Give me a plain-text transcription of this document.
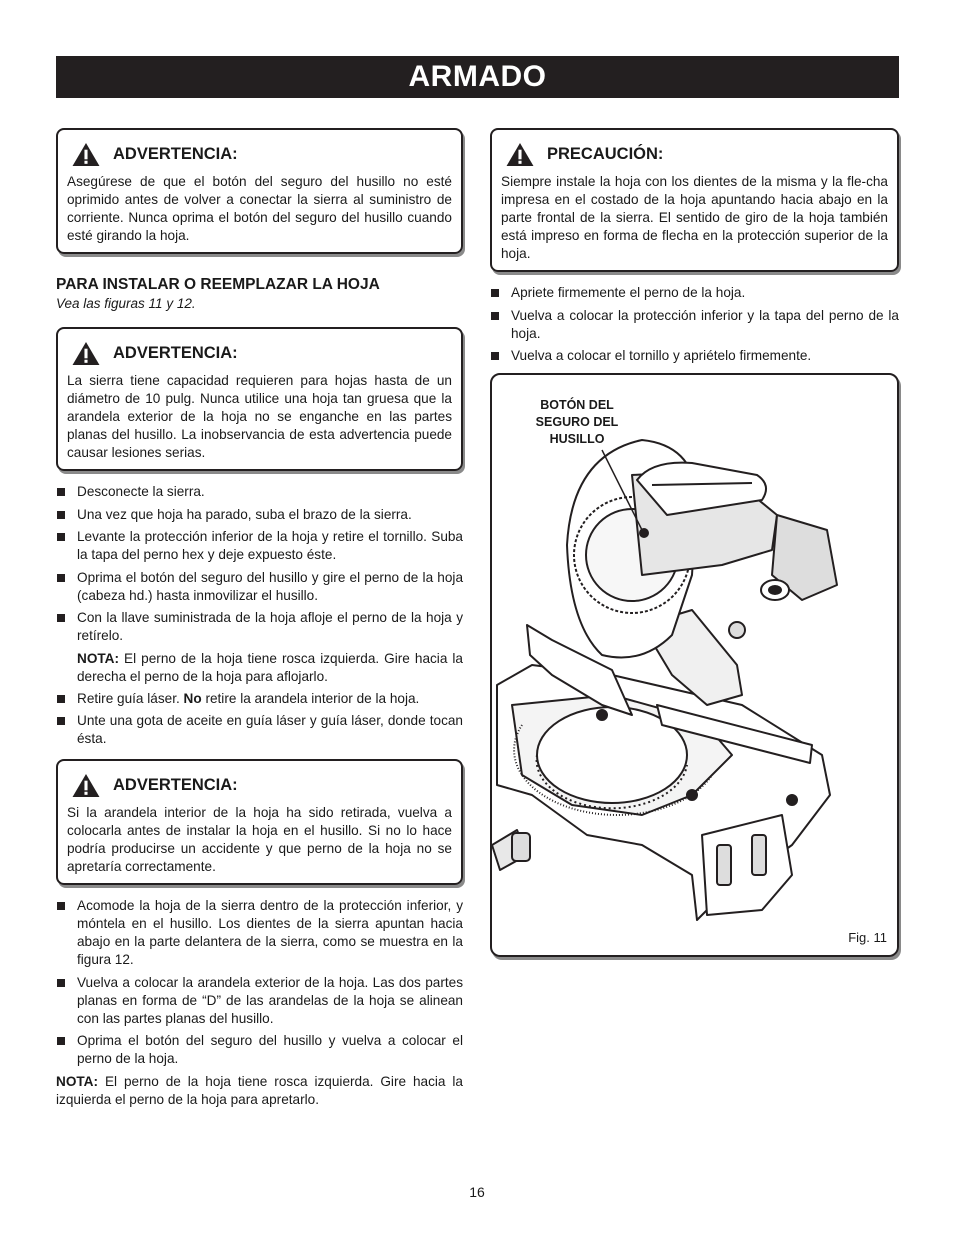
ARMADO
ADVERTENCIA:
Asegúrese de que el botón del seguro del husillo no esté oprimido antes de volver a conectar la sierra al suministro de corriente. Nunca oprima el botón del seguro del husillo cuando esté girando la hoja.
PARA INSTALAR O REEMPLAZAR LA HOJA
Vea las figuras 11 y 12.
ADVERTENCIA:
La sierra tiene capacidad requieren para hojas hasta de un diámetro de 10 pulg. Nunca utilice una hoja tan gruesa que la arandela exterior de la hoja no se enganche en las partes planas del husillo. La inobservancia de esta advertencia puede causar lesiones serias.
Desconecte la sierra.
Una vez que hoja ha parado, suba el brazo de la sierra.
Levante la protección inferior de la hoja y retire el tornillo. Suba la tapa del perno hex y deje expuesto éste.
Oprima el botón del seguro del husillo y gire el perno de la hoja (cabeza hd.) hasta inmovilizar el husillo.
Con la llave suministrada de la hoja afloje el perno de la hoja y retírelo.
NOTA: El perno de la hoja tiene rosca izquierda. Gire hacia la derecha el perno de la hoja para aflojarlo.
Retire guía láser. No retire la arandela interior de la hoja.
Unte una gota de aceite en guía láser y guía láser, donde tocan ésta.
ADVERTENCIA:
Si la arandela interior de la hoja ha sido retirada, vuelva a colocarla antes de instalar la hoja en el husillo. Si no lo hace podría producirse un accidente y que perno de la hoja no se apretaría correctamente.
Acomode la hoja de la sierra dentro de la protección inferior, y móntela en el husillo. Los dientes de la sierra apuntan hacia abajo en la parte delantera de la sierra, como se muestra en la figura 12.
Vuelva a colocar la arandela exterior de la hoja. Las dos partes planas en forma de “D” de las arandelas de la hoja se alinean con las partes planas del husillo.
Oprima el botón del seguro del husillo y vuelva a colocar el perno de la hoja.
NOTA: El perno de la hoja tiene rosca izquierda. Gire hacia la izquierda el perno de la hoja para apretarlo.
PRECAUCIÓN:
Siempre instale la hoja con los dientes de la misma y la fle-cha impresa en el costado de la hoja apuntando hacia abajo en la parte frontal de la sierra. El sentido de giro de la hoja también está impreso en forma de flecha en la protección superior de la hoja.
Apriete firmemente el perno de la hoja.
Vuelva a colocar la protección inferior y la tapa del perno de la hoja.
Vuelva a colocar el tornillo y apriételo firmemente.
BOTÓN DEL
SEGURO DEL
HUSILLO
Fig. 11
16
